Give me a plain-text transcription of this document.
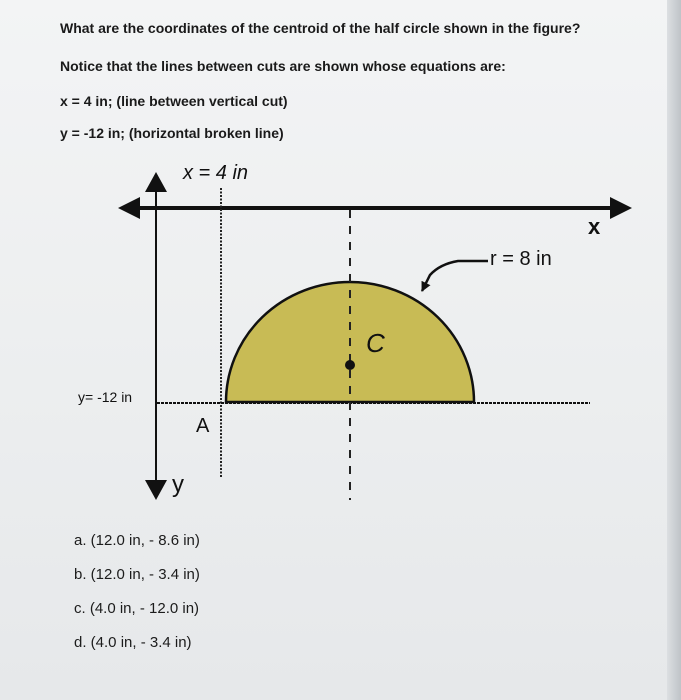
What are the coordinates of the centroid of the half circle shown in the figure?
Notice that the lines between cuts are shown whose equations are:
x = 4 in; (line between vertical cut)
y = -12 in; (horizontal broken line)
x = 4 in
x
r = 8 in
C
y= -12 in
A
y
a. (12.0 in, - 8.6 in)
b. (12.0 in, - 3.4 in)
c. (4.0 in, - 12.0 in)
d. (4.0 in, - 3.4 in)
